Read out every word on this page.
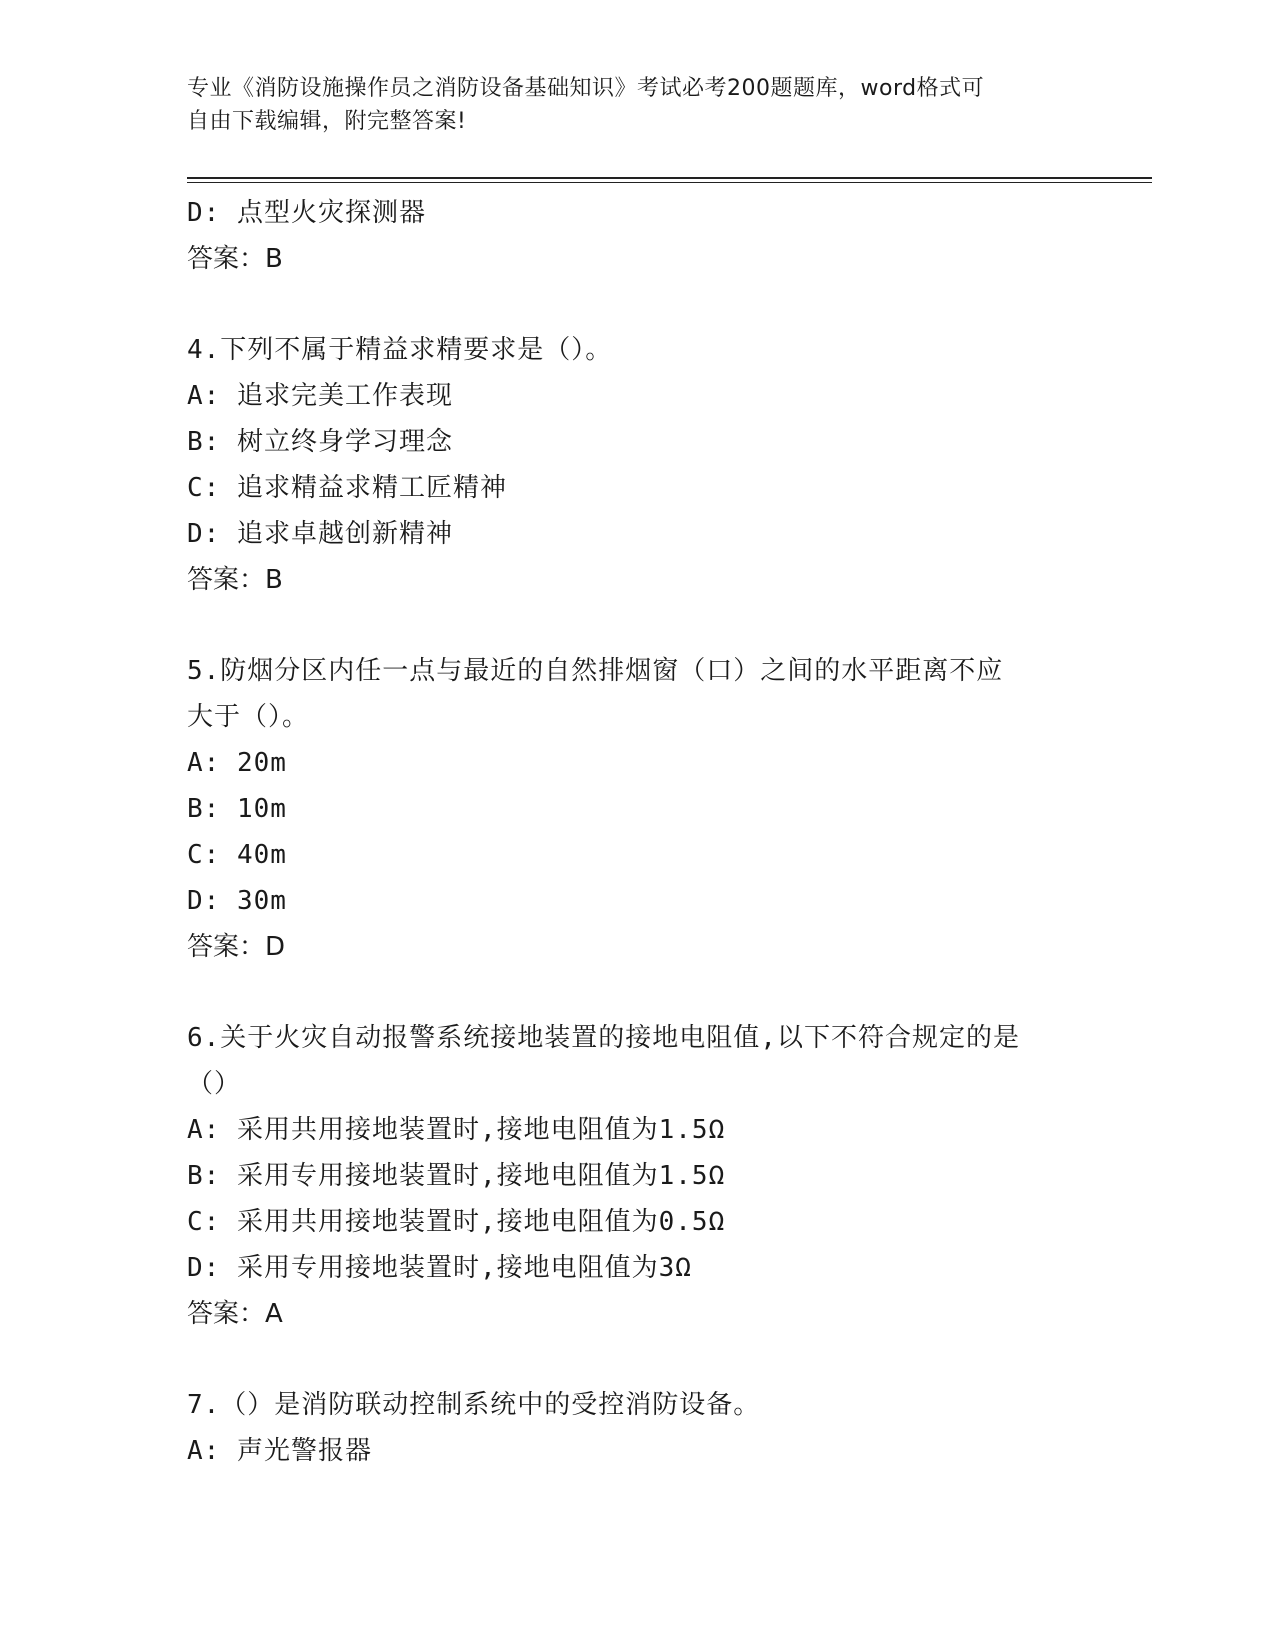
专业《消防设施操作员之消防设备基础知识》考试必考200题题库，word格式可
自由下载编辑，附完整答案!
D: 点型火灾探测器
答案：B
4.下列不属于精益求精要求是（）。
A: 追求完美工作表现
B: 树立终身学习理念
C: 追求精益求精工匠精神
D: 追求卓越创新精神
答案：B
5.防烟分区内任一点与最近的自然排烟窗（口）之间的水平距离不应
大于（）。
A: 20m
B: 10m
C: 40m
D: 30m
答案：D
6.关于火灾自动报警系统接地装置的接地电阻值,以下不符合规定的是
（）
A: 采用共用接地装置时,接地电阻值为1.5Ω
B: 采用专用接地装置时,接地电阻值为1.5Ω
C: 采用共用接地装置时,接地电阻值为0.5Ω
D: 采用专用接地装置时,接地电阻值为3Ω
答案：A
7.（）是消防联动控制系统中的受控消防设备。
A: 声光警报器
